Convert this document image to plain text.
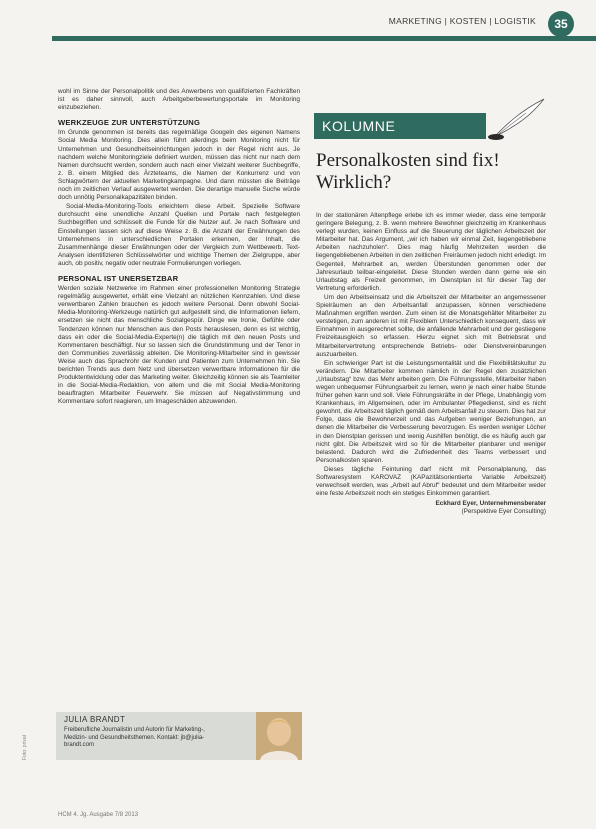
MARKETING | KOSTEN | LOGISTIK	35

wohl im Sinne der Personalpolitik und des Anwerbens von qualifizierten Fachkräften ist es daher sinnvoll, auch Arbeitgeberbewertungsportale im Monitoring einzubeziehen.

WERKZEUGE ZUR UNTERSTÜTZUNG

Im Grunde genommen ist bereits das regelmäßige Googeln des eigenen Namens Social Media Monitoring. Dies allein führt allerdings beim Monitoring nicht für Unternehmen und Gesundheitseinrichtungen jedoch in der Regel nicht aus. Je nachdem welche Monitoringziele definiert wurden, müssen das nicht nur nach dem Namen durchsucht werden, sondern auch nach einer Vielzahl weiterer Suchbegriffe, z. B. einem Mitglied des Ärzteteams, die Namen der Konkurrenz und von Schlagwörtern der aktuellen Marketingkampagne. Und dann müssten die Beiträge noch im zeitlichen Verlauf ausgewertet werden. Die derartige manuelle Suche würde doch unnötig Personalkapazitäten binden.

Social-Media-Monitoring-Tools erleichtern diese Arbeit. Spezielle Software durchsucht eine unendliche Anzahl Quellen und Portale nach festgelegten Suchbegriffen und schlüsselt die Funde für die Nutzer auf. Je nach Software und Einstellungen lassen sich auf diese Weise z. B. die Anzahl der Erwähnungen des Unternehmens in unterschiedlichen Portalen erkennen, der Inhalt, die Zusammenhänge dieser Erwähnungen oder der Vergleich zum Wettbewerb. Text-Analysen identifizieren Schlüsselwörter und wichtige Themen der Zielgruppe, aber auch, ob positiv, negativ oder neutrale Formulierungen vorliegen.

PERSONAL IST UNERSETZBAR

Werden soziale Netzwerke im Rahmen einer professionellen Monitoring Strategie regelmäßig ausgewertet, erhält eine Vielzahl an nützlichen Kennzahlen. Und diese verwertbaren Zahlen brauchen es jedoch weitere Personal. Denn obwohl Social-Media-Monitoring-Werkzeuge natürlich gut aufgestellt sind, die Informationen liefern, ersetzen sie nicht das menschliche Sozialgespür. Dinge wie Ironie, Gefühle oder Tendenzen können nur Menschen aus den Posts herauslesen, denn es ist wichtig, dass ein oder die Social-Media-Experte(n) die täglich mit den neuen Posts und Kommentaren beschäftigt. Nur so lassen sich die Grundstimmung und der Tenor in den Communities zuverlässig ableiten. Die Monitoring-Mitarbeiter sind in gewisser Weise auch das Sprachrohr der Kunden und Patienten zum Unternehmen hin. Sie berichten Trends aus dem Netz und übersetzen verwertbare Informationen für die Produktentwicklung oder das Marketing weiter. Gleichzeitig können sie als Teamleiter in die Social-Media-Redaktion, von allem und die mit Social Media-Monitoring beauftragten Mitarbeiter Feuerwehr. Sie müssen auf Negativstimmung und Kommentare sofort reagieren, um Imageschäden abzuwenden.

KOLUMNE
Personalkosten sind fix! Wirklich?

In der stationären Altenpflege erlebe ich es immer wieder, dass eine temporär geringere Belegung, z. B. wenn mehrere Bewohner gleichzeitig im Krankenhaus verlegt wurden, keinen Einfluss auf die Steuerung der täglichen Arbeitszeit der Mitarbeiter hat. Das Argument, „wir ich haben wir einmal Zeit, liegengebliebene Arbeiten nachzuholen“. Dies mag häufig Mehrzeiten werden die liegengebliebenen Arbeiten in den zeitlichen Freiräumen jedoch nicht erledigt. Im Gegenteil, Mehrarbeit an, werden Überstunden genommen oder der Jahresurlaub teilbar-eingeleitet. Diese Stunden werden dann gerne wie ein Urlaubstag als Freizeit genommen, im Dienstplan ist für dieser Tag der Vertretung erforderlich.

Um den Arbeitseinsatz und die Arbeitszeit der Mitarbeiter an angemessener Spielräumen an den Arbeitsanfall anzupassen, können verschiedene Maßnahmen ergriffen werden. Zum einen ist die Monatsgehälter Mitarbeiter zu verstetigen, zum anderen ist mit Flexiblem Unterschiedlich konsequent, dass wir Einnahmen in ausgerechnet sollte, die anfallende Mehrarbeit und der gestiegene Freizeitausgleich so erfassen. Hierzu eignet sich mit Betriebsrat und Mitarbeitervertretung entsprechende Betriebs- oder Dienstvereinbarungen auszuarbeiten.

Ein schwieriger Part ist die Leistungsmentalität und die Flexibilitätskultur zu verändern. Die Mitarbeiter kommen nämlich in der Regel den zusätzlichen „Urlaubstag“ bzw. das Mehr arbeiten gern. Die Führungsstelle, Mitarbeiter haben wegen unbequemer Führungsarbeit zu lernen, wenn je nach einer halbe Stunde früher gehen kann und soll. Viele Führungskräfte in der Pflege, Unabhängig vom Krankenhaus, im Allgemeinen, oder im Ambulanter Pflegedienst, sind es nicht gewohnt, die Arbeitszeit täglich gemäß dem Arbeitsanfall zu steuern. Dies hat zur Folge, dass die Bewohnerzeit und das Aufgeben weniger Beziehungen, an denen die Mitarbeiter die Verbesserung bevorzugen. Es werden weniger Löcher in den Dienstplan gerissen und wenig Aushilfen benötigt, die es häufig auch gar nicht gibt. Die Arbeitszeit wird so für die Mitarbeiter planbarer und weniger belastend. Dadurch wird die Zufriedenheit des Teams verbessert und Personalkosten sparen.

Dieses tägliche Feintuning darf nicht mit Personalplanung, das Softwaresystem KAROVAZ (KAPazitätsorientierte Variable Arbeitszeit) verwechselt werden, was „Arbeit auf Abruf“ bedeutet und dem Mitarbeiter weder eine feste Arbeitszeit noch ein stetiges Einkommen garantiert.

Eckhard Eyer, Unternehmensberater
(Perspektive Eyer Consulting)
JULIA BRANDT
Freiberufliche Journalistin und Autorin für Marketing-, Medizin- und Gesundheitsthemen. Kontakt: jb@julia-brandt.com
Foto: privat
HCM 4. Jg. Ausgabe 7/8 2013
